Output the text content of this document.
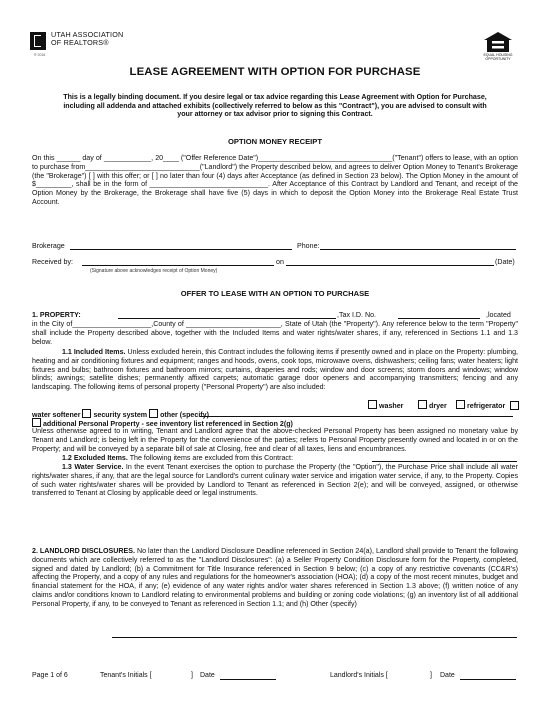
UTAH ASSOCIATION
OF REALTORS®
® 2016	EQUAL HOUSING OPPORTUNITY
LEASE AGREEMENT WITH OPTION FOR PURCHASE
This is a legally binding document. If you desire legal or tax advice regarding this Lease Agreement with Option for Purchase, including all addenda and attached exhibits (collectively referred to below as this "Contract"), you are advised to consult with your attorney or tax advisor prior to signing this Contract.
OPTION MONEY RECEIPT

On this ______ day of ____________, 20____ ("Offer Reference Date")__________________________________("Tenant") offers to lease, with an option to purchase from_____________________________("Landlord") the Property described below, and agrees to deliver Option Money to Tenant's Brokerage (the "Brokerage") [ ] with this offer; or [ ] no later than four (4) days after Acceptance (as defined in Section 23 below). The Option Money in the amount of $_________, shall be in the form of ______________________________. After Acceptance of this Contract by Landlord and Tenant, and receipt of the Option Money by the Brokerage, the Brokerage shall have five (5) days in which to deposit the Option Money into the Brokerage Real Estate Trust Account.

Brokerage	Phone:
Received by:	on	(Date)
(Signature above acknowledges receipt of Option Money)
OFFER TO LEASE WITH AN OPTION TO PURCHASE
1. PROPERTY:	,Tax I.D. No.	,located

in the City of____________________,County of ________________________, State of Utah (the "Property"). Any reference below to the term "Property" shall include the Property described above, together with the Included Items and water rights/water shares, if any, referenced in Sections 1.1 and 1.3 below.

1.1 Included Items. Unless excluded herein, this Contract includes the following items if presently owned and in place on the Property: plumbing, heating and air conditioning fixtures and equipment; ranges and hoods, ovens, cook tops, microwave ovens, dishwashers; ceiling fans; water heaters; light fixtures and bulbs; bathroom fixtures and bathroom mirrors; curtains, draperies and rods; window and door screens; storm doors and windows; window blinds; awnings; satellite dishes; permanently affixed carpets; automatic garage door openers and accompanying transmitters; fencing and any landscaping. The following items of personal property ("Personal Property") are also included:

washer	dryer	refrigerator
water softener security system other (specify)
additional Personal Property - see inventory list referenced in Section 2(g)

Unless otherwise agreed to in writing, Tenant and Landlord agree that the above-checked Personal Property has been assigned no monetary value by Tenant and Landlord; is being left in the Property for the convenience of the parties; refers to Personal Property presently owned and located in or on the Property; and will be conveyed by a separate bill of sale at Closing, free and clear of all taxes, liens and encumbrances.

1.2 Excluded Items. The following items are excluded from this Contract:

1.3 Water Service. In the event Tenant exercises the option to purchase the Property (the "Option"), the Purchase Price shall include all water rights/water shares, if any, that are the legal source for Landlord's current culinary water service and irrigation water service, if any, to the Property. Copies of such water rights/water shares will be provided by Landlord to Tenant as referenced in Section 2(e); and will be conveyed, assigned, or otherwise transferred to Tenant at Closing by applicable deed or legal instruments.

2. LANDLORD DISCLOSURES. No later than the Landlord Disclosure Deadline referenced in Section 24(a), Landlord shall provide to Tenant the following documents which are collectively referred to as the "Landlord Disclosures": (a) a Seller Property Condition Disclosure form for the Property, completed, signed and dated by Landlord; (b) a Commitment for Title Insurance referenced in Section 9 below; (c) a copy of any restrictive covenants (CC&R's) affecting the Property, and a copy of any rules and regulations for the homeowner's association (HOA); (d) a copy of the most recent minutes, budget and financial statement for the HOA, if any; (e) evidence of any water rights and/or water shares referenced in Section 1.3 above; (f) written notice of any claims and/or conditions known to Landlord relating to environmental problems and building or zoning code violations; (g) an inventory list of all additional Personal Property, if any, to be conveyed to Tenant as referenced in Section 1.1; and (h) Other (specify)

Page 1 of 6	Tenant's Initials [	] Date	Landlord's Initials [	] Date
